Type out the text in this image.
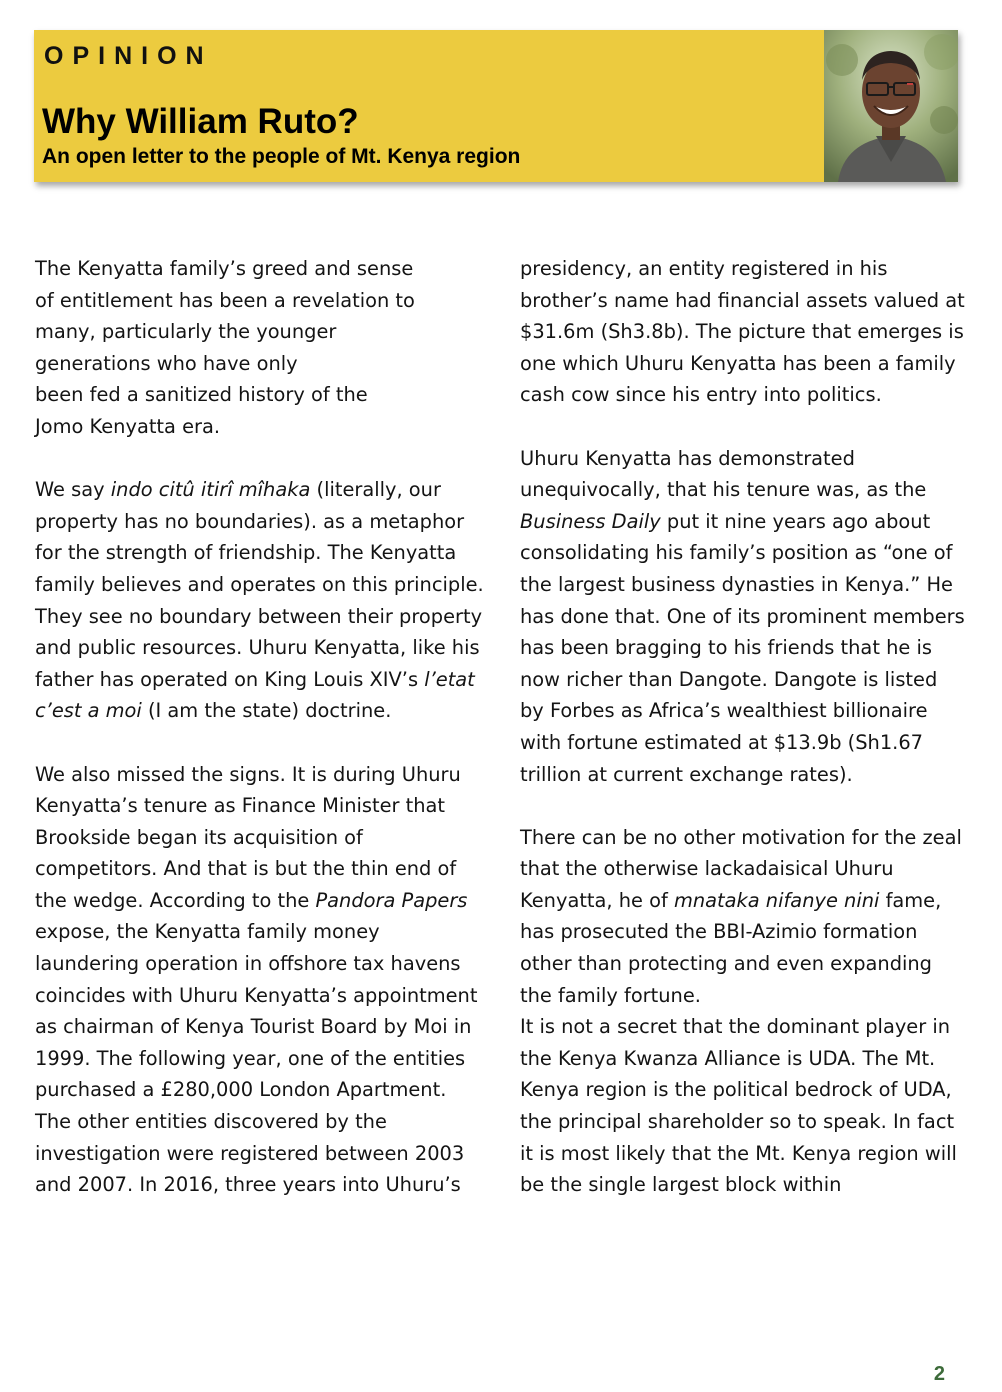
OPINION
Why William Ruto?
An open letter to the people of Mt. Kenya region

The Kenyatta family’s greed and sense
of entitlement has been a revelation to
many, particularly the younger
generations who have only
been fed a sanitized history of the
Jomo Kenyatta era.

We say indo citû itirî mîhaka (literally, our property has no boundaries). as a metaphor for the strength of friendship. The Kenyatta family believes and operates on this principle. They see no boundary between their property and public resources. Uhuru Kenyatta, like his father has operated on King Louis XIV’s l’etat c’est a moi (I am the state) doctrine.

We also missed the signs. It is during Uhuru Kenyatta’s tenure as Finance Minister that Brookside began its acquisition of competitors. And that is but the thin end of the wedge. According to the Pandora Papers expose, the Kenyatta family money laundering operation in offshore tax havens coincides with Uhuru Kenyatta’s appointment as chairman of Kenya Tourist Board by Moi in 1999. The following year, one of the entities purchased a £280,000 London Apartment. The other entities discovered by the investigation were registered between 2003 and 2007. In 2016, three years into Uhuru’s

presidency, an entity registered in his brother’s name had financial assets valued at $31.6m (Sh3.8b). The picture that emerges is one which Uhuru Kenyatta has been a family cash cow since his entry into politics.

Uhuru Kenyatta has demonstrated unequivocally, that his tenure was, as the Business Daily put it nine years ago about consolidating his family’s position as “one of the largest business dynasties in Kenya.” He has done that. One of its prominent members has been bragging to his friends that he is now richer than Dangote. Dangote is listed by Forbes as Africa’s wealthiest billionaire with fortune estimated at $13.9b (Sh1.67 trillion at current exchange rates).

There can be no other motivation for the zeal that the otherwise lackadaisical Uhuru Kenyatta, he of mnataka nifanye nini fame, has prosecuted the BBI-Azimio formation other than protecting and even expanding the family fortune.

It is not a secret that the dominant player in the Kenya Kwanza Alliance is UDA. The Mt. Kenya region is the political bedrock of UDA, the principal shareholder so to speak. In fact it is most likely that the Mt. Kenya region will be the single largest block within

2
